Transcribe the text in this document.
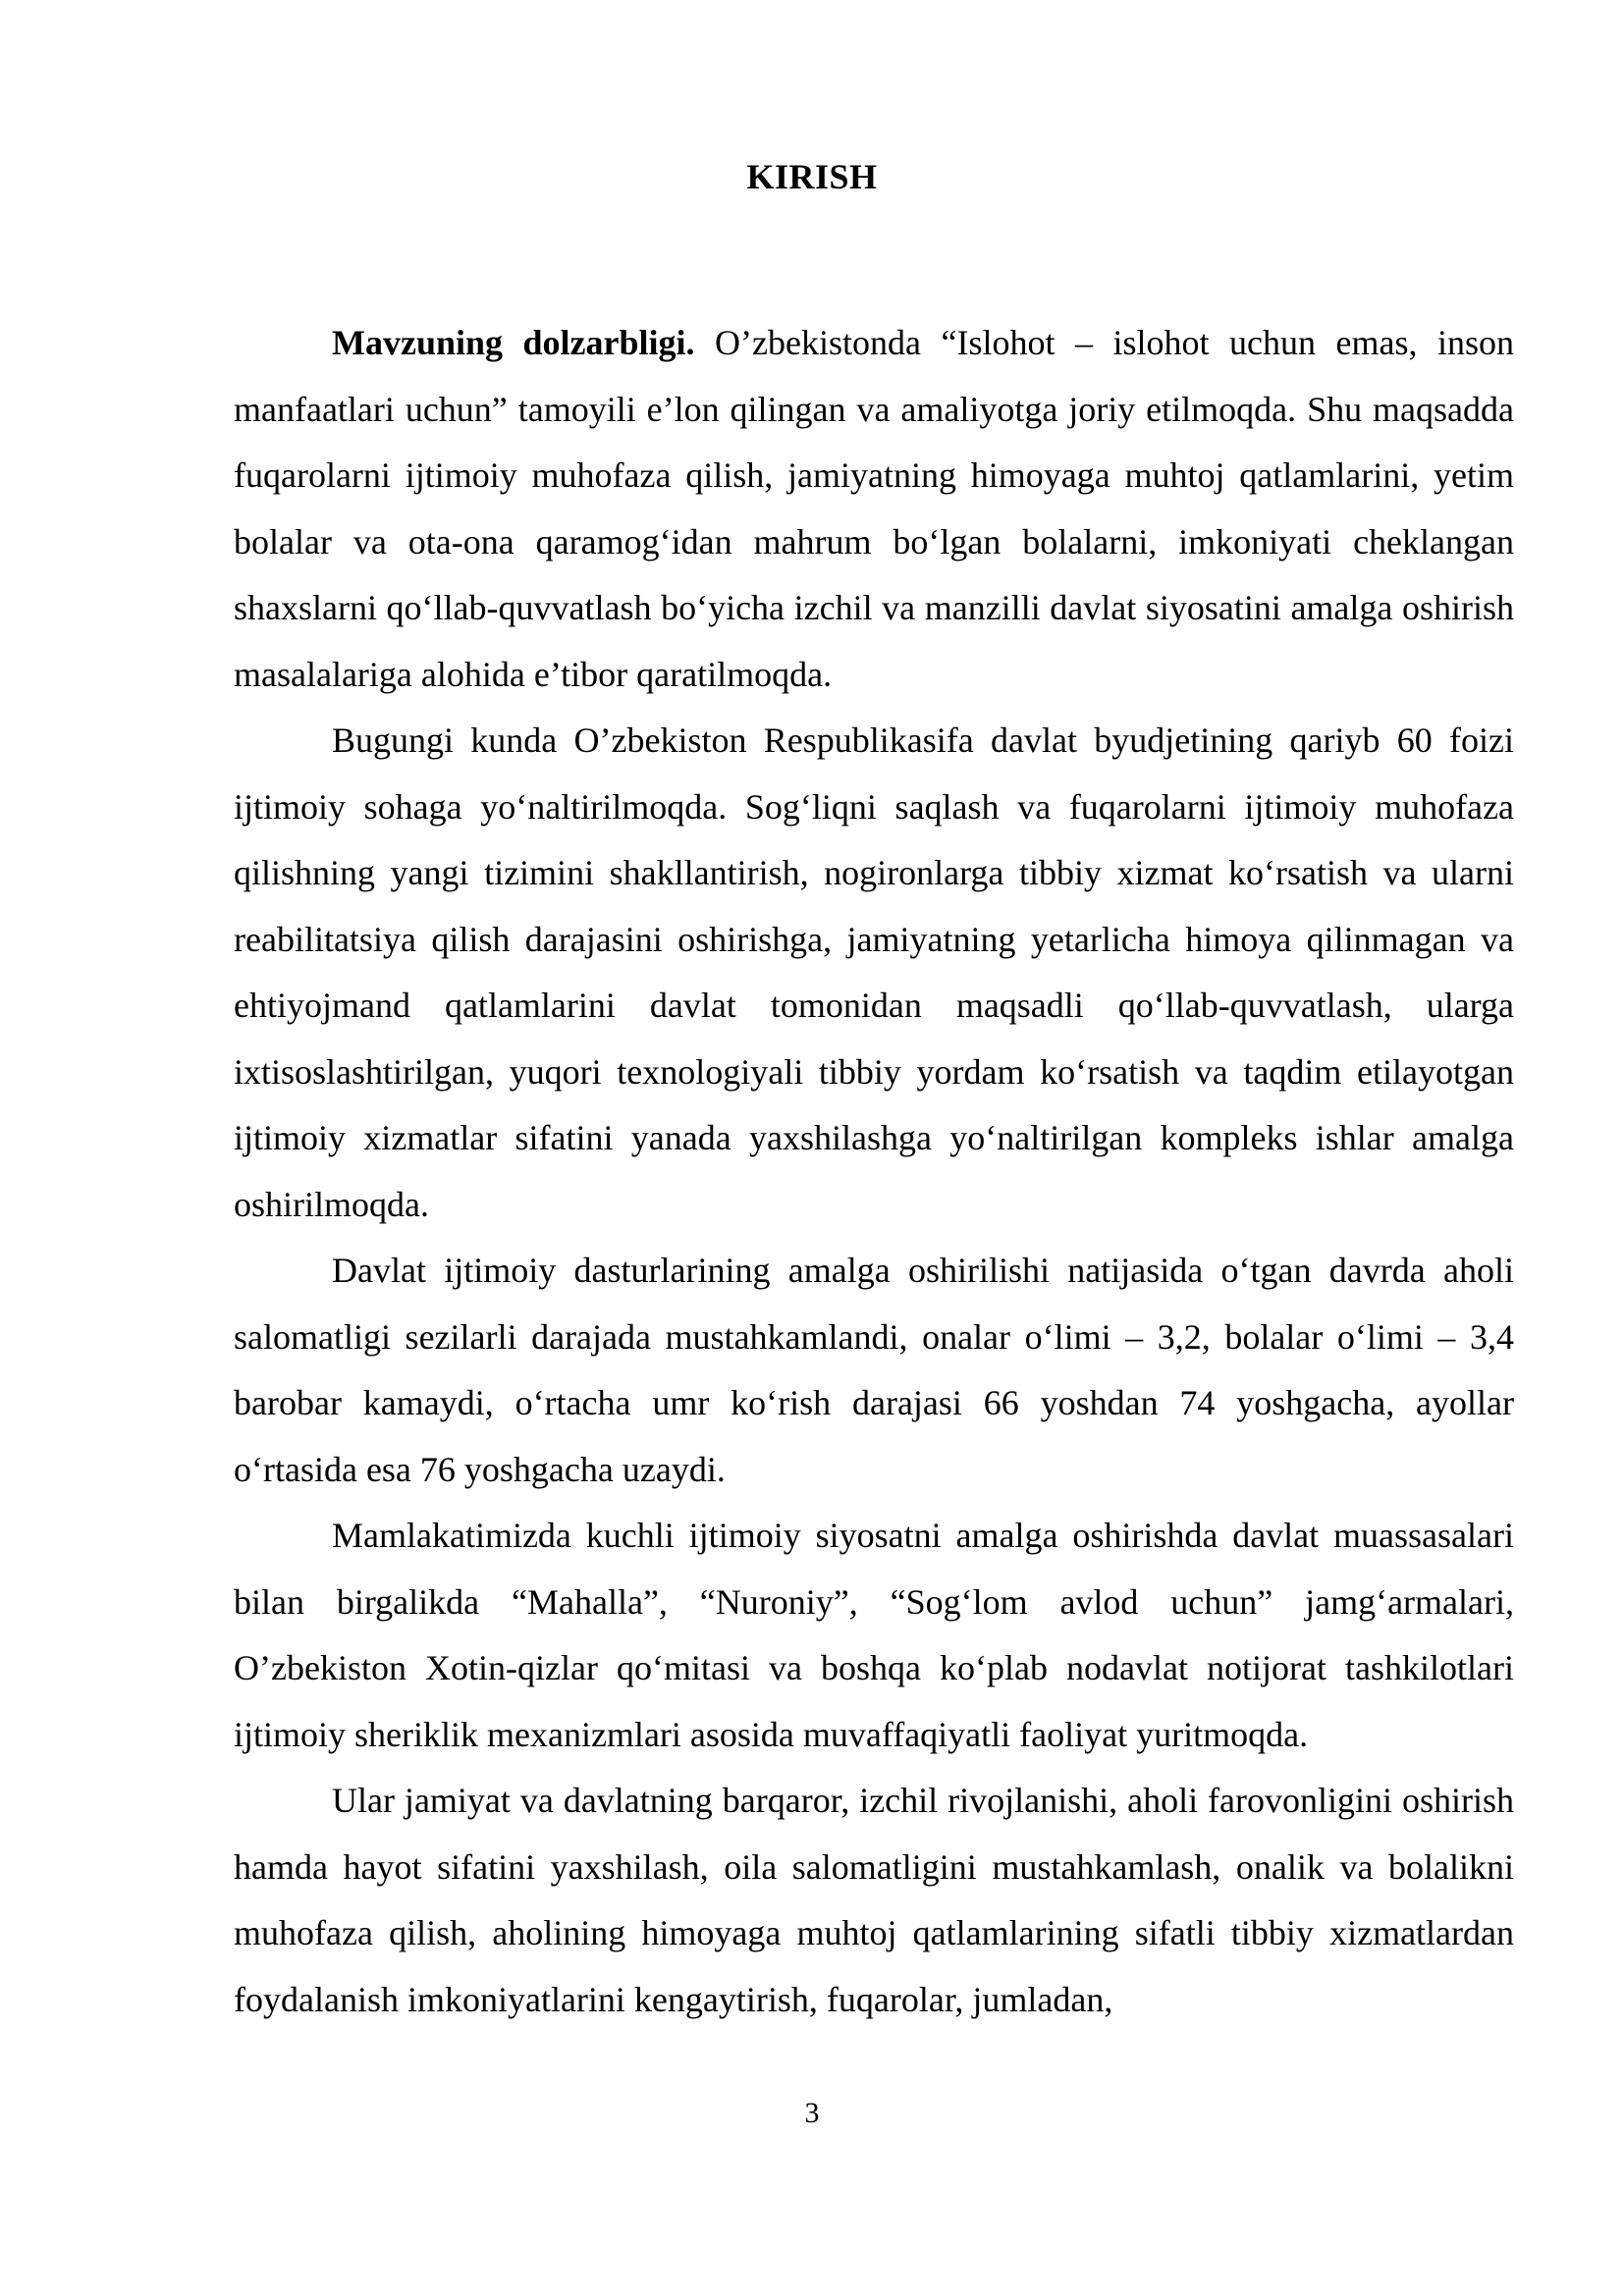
KIRISH

Mavzuning dolzarbligi. O’zbekistonda “Islohot – islohot uchun emas, inson manfaatlari uchun” tamoyili e’lon qilingan va amaliyotga joriy etilmoqda. Shu maqsadda fuqarolarni ijtimoiy muhofaza qilish, jamiyatning himoyaga muhtoj qatlamlarini, yetim bolalar va ota-ona qaramog‘idan mahrum bo‘lgan bolalarni, imkoniyati cheklangan shaxslarni qo‘llab-quvvatlash bo‘yicha izchil va manzilli davlat siyosatini amalga oshirish masalalariga alohida e’tibor qaratilmoqda.

Bugungi kunda O’zbekiston Respublikasifa davlat byudjetining qariyb 60 foizi ijtimoiy sohaga yo‘naltirilmoqda. Sog‘liqni saqlash va fuqarolarni ijtimoiy muhofaza qilishning yangi tizimini shakllantirish, nogironlarga tibbiy xizmat ko‘rsatish va ularni reabilitatsiya qilish darajasini oshirishga, jamiyatning yetarlicha himoya qilinmagan va ehtiyojmand qatlamlarini davlat tomonidan maqsadli qo‘llab-quvvatlash, ularga ixtisoslashtirilgan, yuqori texnologiyali tibbiy yordam ko‘rsatish va taqdim etilayotgan ijtimoiy xizmatlar sifatini yanada yaxshilashga yo‘naltirilgan kompleks ishlar amalga oshirilmoqda.

Davlat ijtimoiy dasturlarining amalga oshirilishi natijasida o‘tgan davrda aholi salomatligi sezilarli darajada mustahkamlandi, onalar o‘limi – 3,2, bolalar o‘limi – 3,4 barobar kamaydi, o‘rtacha umr ko‘rish darajasi 66 yoshdan 74 yoshgacha, ayollar o‘rtasida esa 76 yoshgacha uzaydi.

Mamlakatimizda kuchli ijtimoiy siyosatni amalga oshirishda davlat muassasalari bilan birgalikda “Mahalla”, “Nuroniy”, “Sog‘lom avlod uchun” jamg‘armalari, O’zbekiston Xotin-qizlar qo‘mitasi va boshqa ko‘plab nodavlat notijorat tashkilotlari ijtimoiy sheriklik mexanizmlari asosida muvaffaqiyatli faoliyat yuritmoqda.

Ular jamiyat va davlatning barqaror, izchil rivojlanishi, aholi farovonligini oshirish hamda hayot sifatini yaxshilash, oila salomatligini mustahkamlash, onalik va bolalikni muhofaza qilish, aholining himoyaga muhtoj qatlamlarining sifatli tibbiy xizmatlardan foydalanish imkoniyatlarini kengaytirish, fuqarolar, jumladan,

3
